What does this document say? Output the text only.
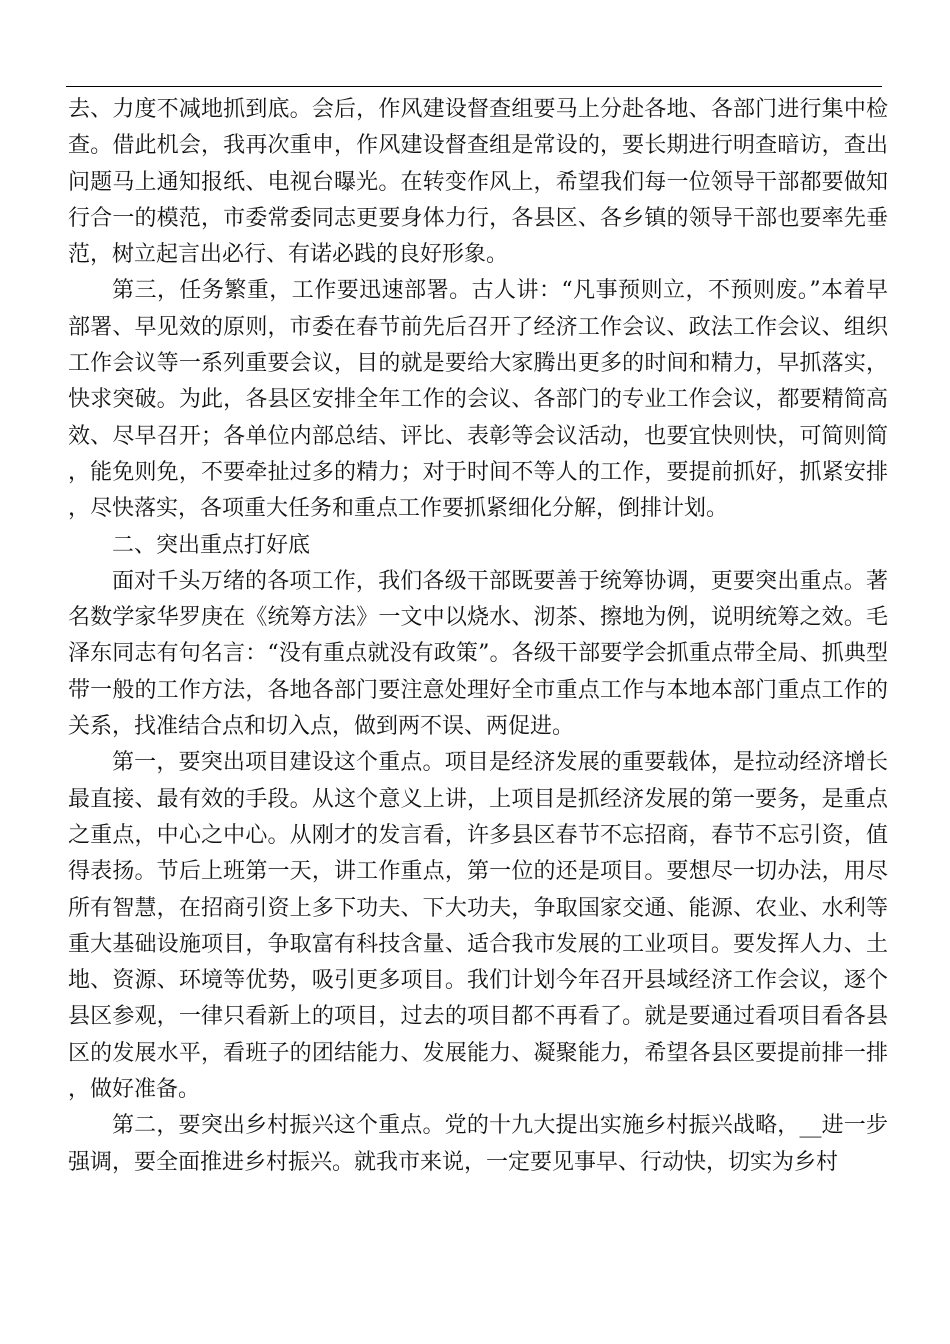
去、力度不减地抓到底。会后，作风建设督查组要马上分赴各地、各部门进行集中检查。借此机会，我再次重申，作风建设督查组是常设的，要长期进行明查暗访，查出问题马上通知报纸、电视台曝光。在转变作风上，希望我们每一位领导干部都要做知行合一的模范，市委常委同志更要身体力行，各县区、各乡镇的领导干部也要率先垂范，树立起言出必行、有诺必践的良好形象。

第三，任务繁重，工作要迅速部署。古人讲：“凡事预则立，不预则废。”本着早部署、早见效的原则，市委在春节前先后召开了经济工作会议、政法工作会议、组织工作会议等一系列重要会议，目的就是要给大家腾出更多的时间和精力，早抓落实，快求突破。为此，各县区安排全年工作的会议、各部门的专业工作会议，都要精简高效、尽早召开；各单位内部总结、评比、表彰等会议活动，也要宜快则快，可简则简，能免则免，不要牵扯过多的精力；对于时间不等人的工作，要提前抓好，抓紧安排，尽快落实，各项重大任务和重点工作要抓紧细化分解，倒排计划。

二、突出重点打好底

面对千头万绪的各项工作，我们各级干部既要善于统筹协调，更要突出重点。著名数学家华罗庚在《统筹方法》一文中以烧水、沏茶、擦地为例，说明统筹之效。毛泽东同志有句名言：“没有重点就没有政策”。各级干部要学会抓重点带全局、抓典型带一般的工作方法，各地各部门要注意处理好全市重点工作与本地本部门重点工作的关系，找准结合点和切入点，做到两不误、两促进。

第一，要突出项目建设这个重点。项目是经济发展的重要载体，是拉动经济增长最直接、最有效的手段。从这个意义上讲，上项目是抓经济发展的第一要务，是重点之重点，中心之中心。从刚才的发言看，许多县区春节不忘招商，春节不忘引资，值得表扬。节后上班第一天，讲工作重点，第一位的还是项目。要想尽一切办法，用尽所有智慧，在招商引资上多下功夫、下大功夫，争取国家交通、能源、农业、水利等重大基础设施项目，争取富有科技含量、适合我市发展的工业项目。要发挥人力、土地、资源、环境等优势，吸引更多项目。我们计划今年召开县域经济工作会议，逐个县区参观，一律只看新上的项目，过去的项目都不再看了。就是要通过看项目看各县区的发展水平，看班子的团结能力、发展能力、凝聚能力，希望各县区要提前排一排，做好准备。

第二，要突出乡村振兴这个重点。党的十九大提出实施乡村振兴战略，__进一步强调，要全面推进乡村振兴。就我市来说，一定要见事早、行动快，切实为乡村
